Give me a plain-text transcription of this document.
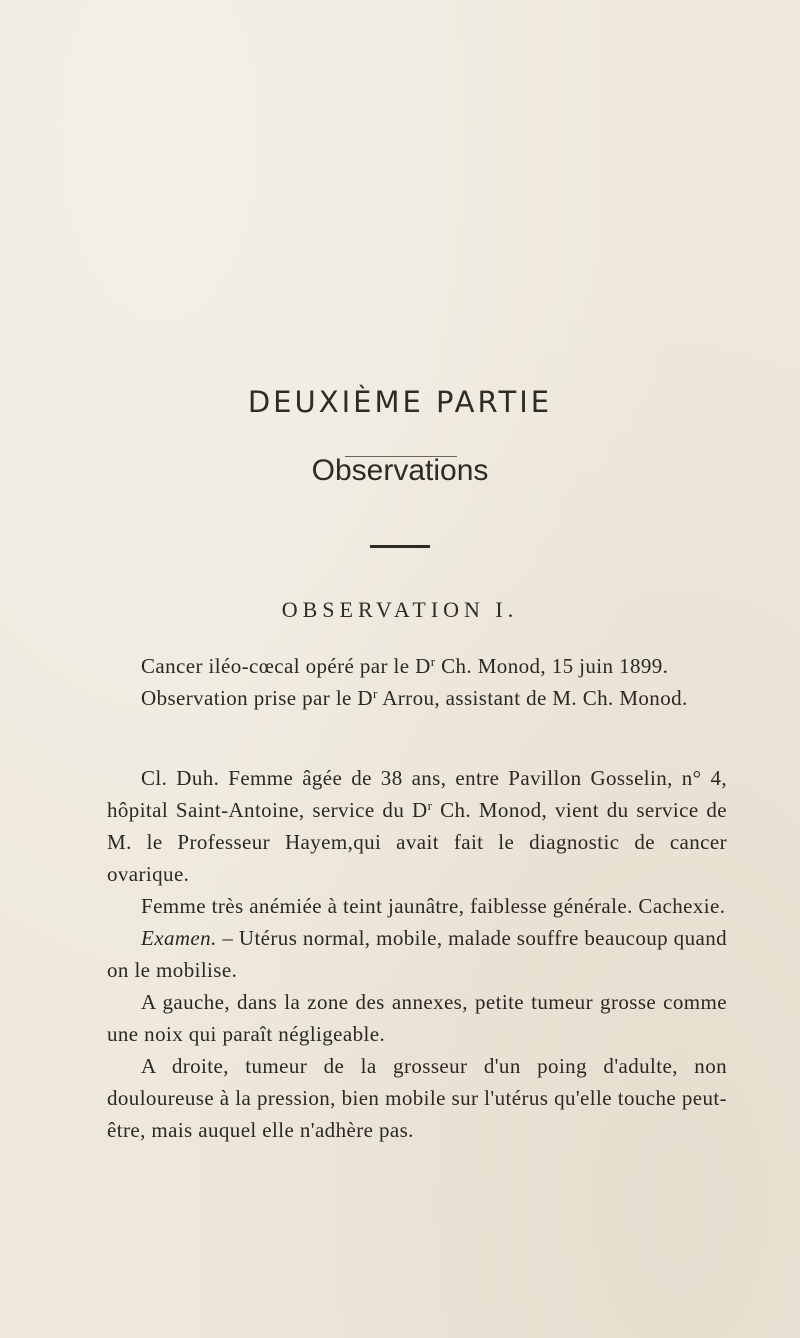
DEUXIÈME PARTIE
Observations
OBSERVATION I.

Cancer iléo-cœcal opéré par le $D^r$ Ch. Monod, 15 juin 1899.

Observation prise par le $D^r$ Arrou, assistant de M. Ch. Monod.

Cl. Duh. Femme âgée de 38 ans, entre Pavillon Gosselin, n° 4, hôpital Saint-Antoine, service du $D^r$ Ch. Monod, vient du service de M. le Professeur Hayem,qui avait fait le diagnostic de cancer ovarique.

Femme très anémiée à teint jaunâtre, faiblesse générale. Cachexie.

Examen. – Utérus normal, mobile, malade souffre beaucoup quand on le mobilise.

A gauche, dans la zone des annexes, petite tumeur grosse comme une noix qui paraît négligeable.

A droite, tumeur de la grosseur d'un poing d'adulte, non douloureuse à la pression, bien mobile sur l'utérus qu'elle touche peut-être, mais auquel elle n'adhère pas.
